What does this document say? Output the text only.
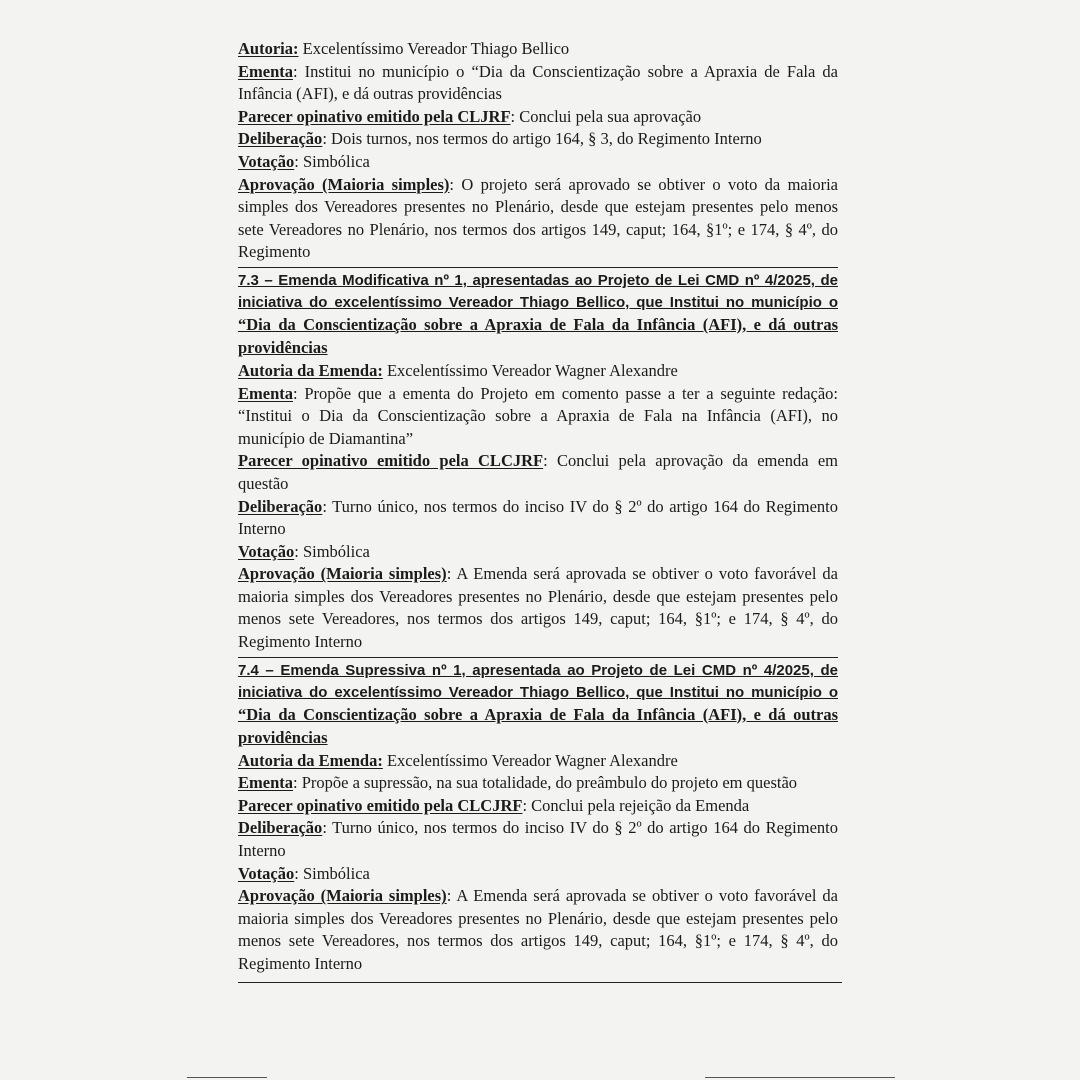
Autoria: Excelentíssimo Vereador Thiago Bellico

Ementa: Institui no município o “Dia da Conscientização sobre a Apraxia de Fala da Infância (AFI), e dá outras providências

Parecer opinativo emitido pela CLJRF: Conclui pela sua aprovação

Deliberação: Dois turnos, nos termos do artigo 164, § 3, do Regimento Interno

Votação: Simbólica

Aprovação (Maioria simples): O projeto será aprovado se obtiver o voto da maioria simples dos Vereadores presentes no Plenário, desde que estejam presentes pelo menos sete Vereadores no Plenário, nos termos dos artigos 149, caput; 164, §1º; e 174, § 4º, do Regimento

7.3 – Emenda Modificativa nº 1, apresentadas ao Projeto de Lei CMD nº 4/2025, de iniciativa do excelentíssimo Vereador Thiago Bellico, que Institui no município o “Dia da Conscientização sobre a Apraxia de Fala da Infância (AFI), e dá outras providências

Autoria da Emenda: Excelentíssimo Vereador Wagner Alexandre

Ementa: Propõe que a ementa do Projeto em comento passe a ter a seguinte redação: “Institui o Dia da Conscientização sobre a Apraxia de Fala na Infância (AFI), no município de Diamantina”

Parecer opinativo emitido pela CLCJRF: Conclui pela aprovação da emenda em questão

Deliberação: Turno único, nos termos do inciso IV do § 2º do artigo 164 do Regimento Interno

Votação: Simbólica

Aprovação (Maioria simples): A Emenda será aprovada se obtiver o voto favorável da maioria simples dos Vereadores presentes no Plenário, desde que estejam presentes pelo menos sete Vereadores, nos termos dos artigos 149, caput; 164, §1º; e 174, § 4º, do Regimento Interno

7.4 – Emenda Supressiva nº 1, apresentada ao Projeto de Lei CMD nº 4/2025, de iniciativa do excelentíssimo Vereador Thiago Bellico, que Institui no município o “Dia da Conscientização sobre a Apraxia de Fala da Infância (AFI), e dá outras providências

Autoria da Emenda: Excelentíssimo Vereador Wagner Alexandre

Ementa: Propõe a supressão, na sua totalidade, do preâmbulo do projeto em questão

Parecer opinativo emitido pela CLCJRF: Conclui pela rejeição da Emenda

Deliberação: Turno único, nos termos do inciso IV do § 2º do artigo 164 do Regimento Interno

Votação: Simbólica

Aprovação (Maioria simples): A Emenda será aprovada se obtiver o voto favorável da maioria simples dos Vereadores presentes no Plenário, desde que estejam presentes pelo menos sete Vereadores, nos termos dos artigos 149, caput; 164, §1º; e 174, § 4º, do Regimento Interno
